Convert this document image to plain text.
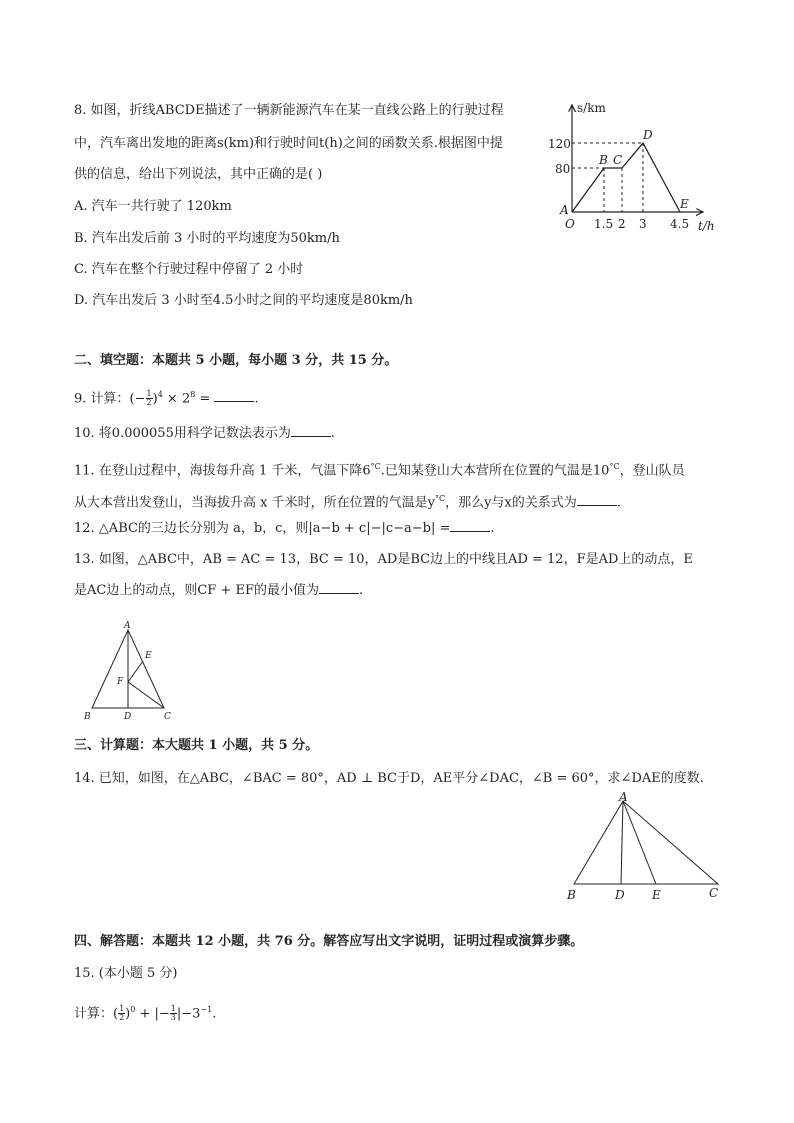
8. 如图，折线ABCDE描述了一辆新能源汽车在某一直线公路上的行驶过程
中，汽车离出发地的距离s(km)和行驶时间t(h)之间的函数关系.根据图中提
供的信息，给出下列说法，其中正确的是( )
A. 汽车一共行驶了 120km
B. 汽车出发后前 3 小时的平均速度为50km/h
C. 汽车在整个行驶过程中停留了 2 小时
D. 汽车出发后 3 小时至4.5小时之间的平均速度是80km/h
s/km
t/h
120
80
O 1.5 2 3 4.5
A
B C
D
E
二、填空题：本题共 5 小题，每小题 3 分，共 15 分。
9. 计算：(− $\frac{1}{2} )^4 \times 2^8$ =	.
10. 将0.000055用科学记数法表示为	.
11. 在登山过程中，海拔每升高 1 千米，气温下降$6^{^\circ C}$.已知某登山大本营所在位置的气温是$10^{^\circ C}$，登山队员
从大本营出发登山，当海拔升高 x 千米时，所在位置的气温是$y^{^\circ C}$，那么y与x的关系式为	.
12. △ABC的三边长分别为 a，b，c，则|a−b + c|−|c−a−b| =	.
13. 如图，△ABC中，AB = AC = 13，BC = 10，AD是BC边上的中线且AD = 12，F是AD上的动点，E
是AC边上的动点，则CF + EF的最小值为	.
A
E
F
B	D	C
三、计算题：本大题共 1 小题，共 5 分。
14. 已知，如图，在△ABC，∠BAC = 80°，AD ⊥ BC于D，AE平分∠DAC，∠B = 60°，求∠DAE的度数.
A
B	D E	C
四、解答题：本题共 12 小题，共 76 分。解答应写出文字说明，证明过程或演算步骤。
15. (本小题 5 分)
计算：( $\frac{1}{2} )^0$ + |− $\frac{1}{3} |-3^{-1}$.
